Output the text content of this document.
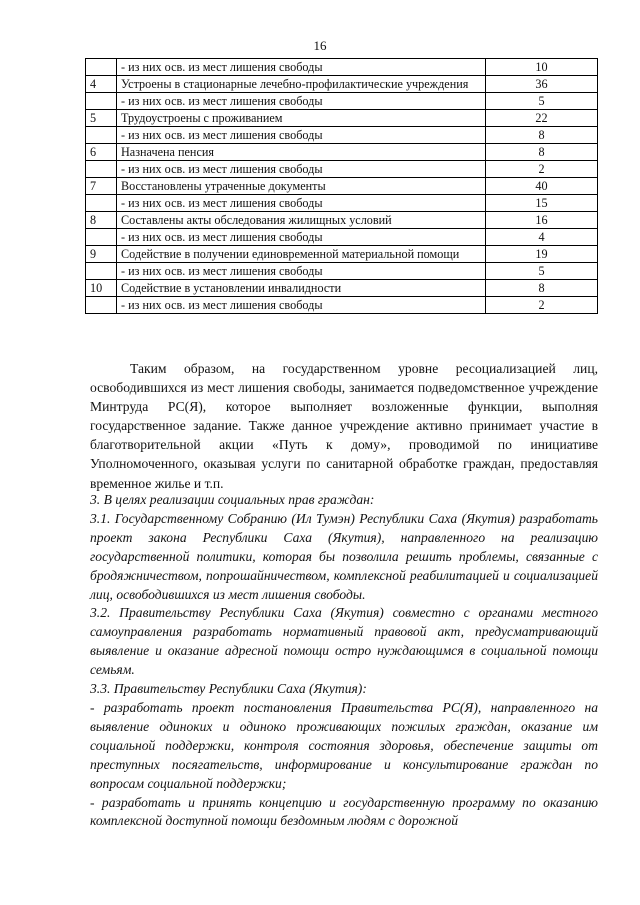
16
	- из них осв. из мест лишения свободы	10
4	Устроены в стационарные лечебно-профилактические учреждения	36
	- из них осв. из мест лишения свободы	5
5	Трудоустроены с проживанием	22
	- из них осв. из мест лишения свободы	8
6	Назначена пенсия	8
	- из них осв. из мест лишения свободы	2
7	Восстановлены утраченные документы	40
	- из них осв. из мест лишения свободы	15
8	Составлены акты обследования жилищных условий	16
	- из них осв. из мест лишения свободы	4
9	Содействие в получении единовременной материальной помощи	19
	- из них осв. из мест лишения свободы	5
10	Содействие в установлении инвалидности	8
	- из них осв. из мест лишения свободы	2

Таким образом, на государственном уровне ресоциализацией лиц, освободившихся из мест лишения свободы, занимается подведомственное учреждение Минтруда РС(Я), которое выполняет возложенные функции, выполняя государственное задание. Также данное учреждение активно принимает участие в благотворительной акции «Путь к дому», проводимой по инициативе Уполномоченного, оказывая услуги по санитарной обработке граждан, предоставляя временное жилье и т.п.

3. В целях реализации социальных прав граждан:

3.1. Государственному Собранию (Ил Тумэн) Республики Саха (Якутия) разработать проект закона Республики Саха (Якутия), направленного на реализацию государственной политики, которая бы позволила решить проблемы, связанные с бродяжничеством, попрошайничеством, комплексной реабилитацией и социализацией лиц, освободившихся из мест лишения свободы.

3.2. Правительству Республики Саха (Якутия) совместно с органами местного самоуправления разработать нормативный правовой акт, предусматривающий выявление и оказание адресной помощи остро нуждающимся в социальной помощи семьям.

3.3. Правительству Республики Саха (Якутия):

- разработать проект постановления Правительства РС(Я), направленного на выявление одиноких и одиноко проживающих пожилых граждан, оказание им социальной поддержки, контроля состояния здоровья, обеспечение защиты от преступных посягательств, информирование и консультирование граждан по вопросам социальной поддержки;

- разработать и принять концепцию и государственную программу по оказанию комплексной доступной помощи бездомным людям с дорожной
